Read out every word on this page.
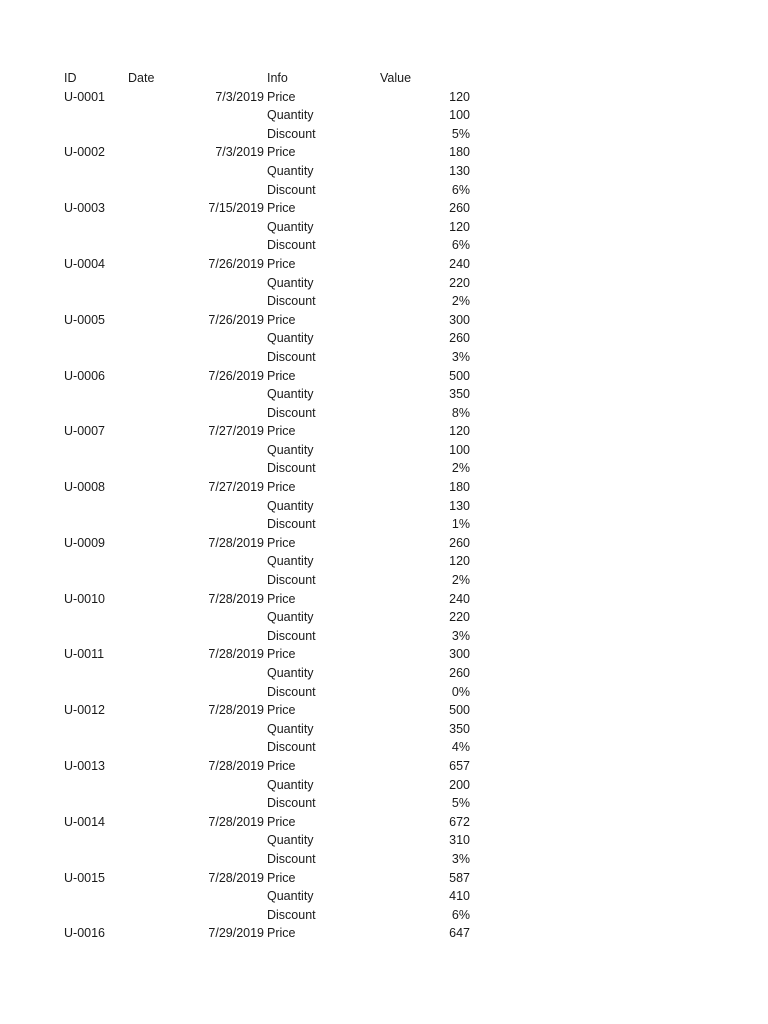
ID	Date	Info	Value
U-0001	7/3/2019 Price	120
Quantity	100
Discount	5%
U-0002	7/3/2019 Price	180
Quantity	130
Discount	6%
U-0003	7/15/2019 Price	260
Quantity	120
Discount	6%
U-0004	7/26/2019 Price	240
Quantity	220
Discount	2%
U-0005	7/26/2019 Price	300
Quantity	260
Discount	3%
U-0006	7/26/2019 Price	500
Quantity	350
Discount	8%
U-0007	7/27/2019 Price	120
Quantity	100
Discount	2%
U-0008	7/27/2019 Price	180
Quantity	130
Discount	1%
U-0009	7/28/2019 Price	260
Quantity	120
Discount	2%
U-0010	7/28/2019 Price	240
Quantity	220
Discount	3%
U-0011	7/28/2019 Price	300
Quantity	260
Discount	0%
U-0012	7/28/2019 Price	500
Quantity	350
Discount	4%
U-0013	7/28/2019 Price	657
Quantity	200
Discount	5%
U-0014	7/28/2019 Price	672
Quantity	310
Discount	3%
U-0015	7/28/2019 Price	587
Quantity	410
Discount	6%
U-0016	7/29/2019 Price	647
